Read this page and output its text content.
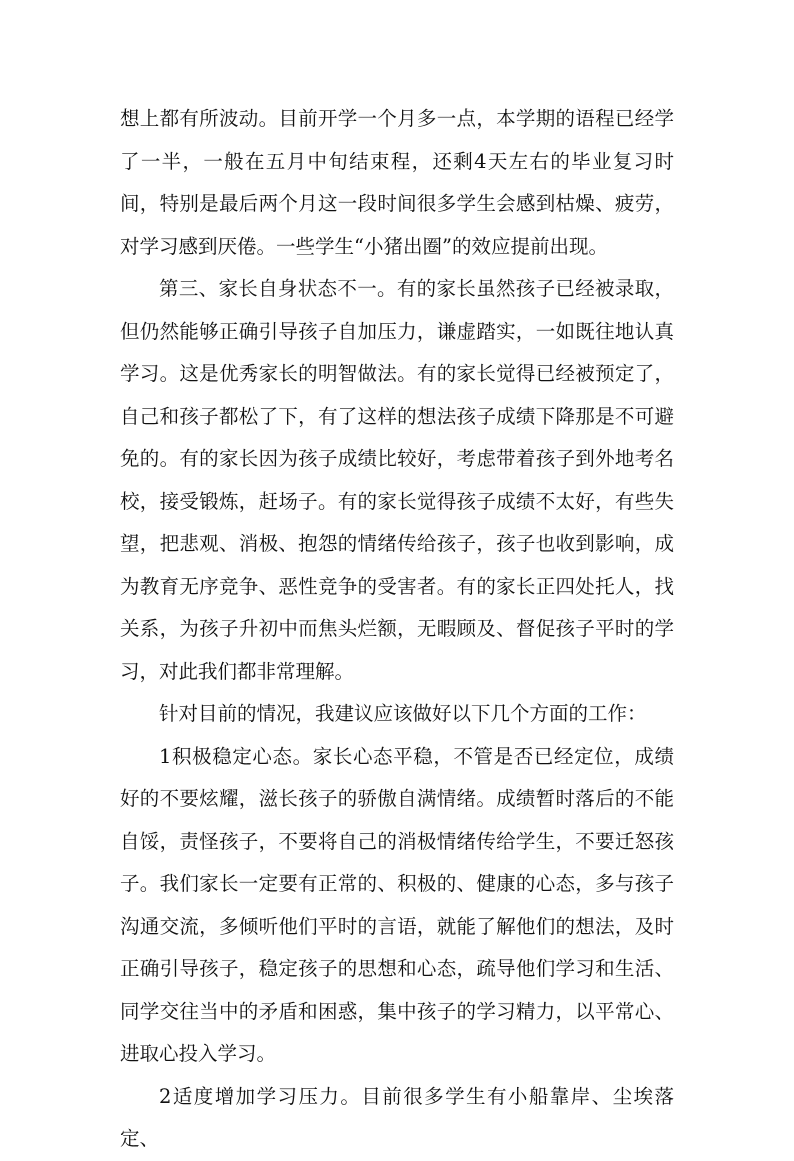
想上都有所波动。目前开学一个月多一点，本学期的语程已经学了一半，一般在五月中旬结束程，还剩4天左右的毕业复习时间，特别是最后两个月这一段时间很多学生会感到枯燥、疲劳，对学习感到厌倦。一些学生“小猪出圈”的效应提前出现。

第三、家长自身状态不一。有的家长虽然孩子已经被录取，但仍然能够正确引导孩子自加压力，谦虚踏实，一如既往地认真学习。这是优秀家长的明智做法。有的家长觉得已经被预定了，自己和孩子都松了下，有了这样的想法孩子成绩下降那是不可避免的。有的家长因为孩子成绩比较好，考虑带着孩子到外地考名校，接受锻炼，赶场子。有的家长觉得孩子成绩不太好，有些失望，把悲观、消极、抱怨的情绪传给孩子，孩子也收到影响，成为教育无序竞争、恶性竞争的受害者。有的家长正四处托人，找关系，为孩子升初中而焦头烂额，无暇顾及、督促孩子平时的学习，对此我们都非常理解。

针对目前的情况，我建议应该做好以下几个方面的工作：

1积极稳定心态。家长心态平稳，不管是否已经定位，成绩好的不要炫耀，滋长孩子的骄傲自满情绪。成绩暂时落后的不能自馁，责怪孩子，不要将自己的消极情绪传给学生，不要迁怒孩子。我们家长一定要有正常的、积极的、健康的心态，多与孩子沟通交流，多倾听他们平时的言语，就能了解他们的想法，及时正确引导孩子，稳定孩子的思想和心态，疏导他们学习和生活、同学交往当中的矛盾和困惑，集中孩子的学习精力，以平常心、进取心投入学习。

2适度增加学习压力。目前很多学生有小船靠岸、尘埃落定、
